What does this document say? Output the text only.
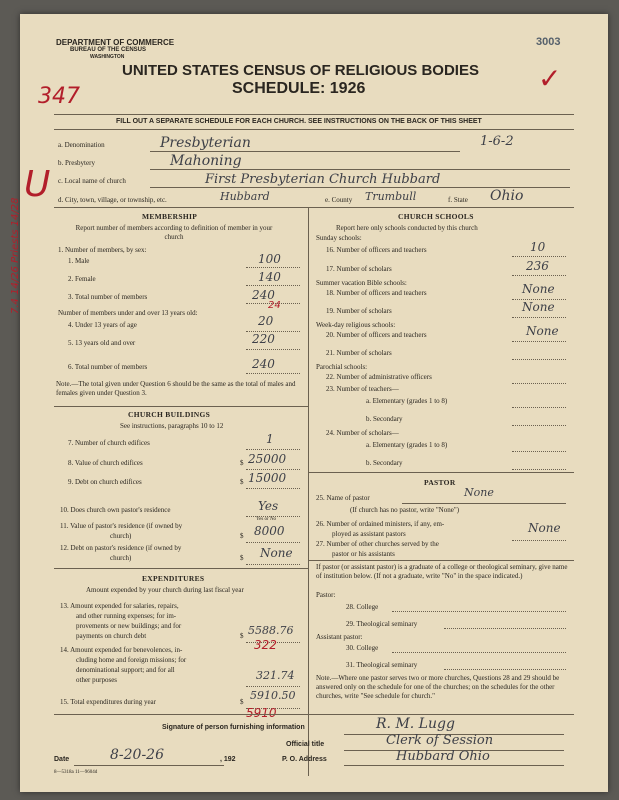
DEPARTMENT OF COMMERCE
BUREAU OF THE CENSUS
WASHINGTON
3003
UNITED STATES CENSUS OF RELIGIOUS BODIES
SCHEDULE: 1926
347
✓
FILL OUT A SEPARATE SCHEDULE FOR EACH CHURCH. SEE INSTRUCTIONS ON THE BACK OF THIS SHEET
U
7.4 14/26 Priests 14/28
a. Denomination	Presbyterian	1-6-2
b. Presbytery	Mahoning
c. Local name of church	First Presbyterian Church Hubbard
d. City, town, village, or township, etc.	Hubbard	e. County Trumbull	f. State Ohio
MEMBERSHIP
Report number of members according to definition of member in your church
1. Number of members, by sex:
1. Male	100
2. Female	140
3. Total number of members	240
Number of members under and over 13 years old:
24
4. Under 13 years of age	20
5. 13 years old and over	220
6. Total number of members	240
Note.—The total given under Question 6 should be the same as the total of males and females given under Question 3.
CHURCH BUILDINGS
See instructions, paragraphs 10 to 12
7. Number of church edifices	1
8. Value of church edifices	$ 25000
9. Debt on church edifices	$ 15000
10. Does church own pastor's residence	Yes
Yes or No
11. Value of pastor's residence (if owned by
church)	$ 8000
12. Debt on pastor's residence (if owned by
church)	$ None
EXPENDITURES
Amount expended by your church during last fiscal year
13. Amount expended for salaries, repairs,
and other running expenses; for im-
provements or new buildings; and for
payments on church debt	$ 5588.76
322
14. Amount expended for benevolences, in-
cluding home and foreign missions; for
denominational support; and for all
other purposes	321.74
15. Total expenditures during year	$ 5910.50
5910
CHURCH SCHOOLS
Report here only schools conducted by this church
Sunday schools:
16. Number of officers and teachers	10
17. Number of scholars	236
Summer vacation Bible schools:
18. Number of officers and teachers	None
19. Number of scholars	None
Week-day religious schools:
20. Number of officers and teachers	None
21. Number of scholars
Parochial schools:
22. Number of administrative officers
23. Number of teachers—
a. Elementary (grades 1 to 8)
b. Secondary
24. Number of scholars—
a. Elementary (grades 1 to 8)
b. Secondary
PASTOR
25. Name of pastor	None
(If church has no pastor, write "None")
26. Number of ordained ministers, if any, em-
ployed as assistant pastors	None
27. Number of other churches served by the
pastor or his assistants
If pastor (or assistant pastor) is a graduate of a college or theological seminary, give name of institution below. (If not a graduate, write "No" in the space indicated.)
Pastor:
28. College
29. Theological seminary
Assistant pastor:
30. College
31. Theological seminary
Note.—Where one pastor serves two or more churches, Questions 28 and 29 should be answered only on the schedule for one of the churches; on the schedules for the other churches, write "See schedule for church."
Signature of person furnishing information	R. M. Lugg
Official title	Clerk of Session
Date	8-20-26	, 192	P. O. Address	Hubbard Ohio
8—5318a 11—9604d
